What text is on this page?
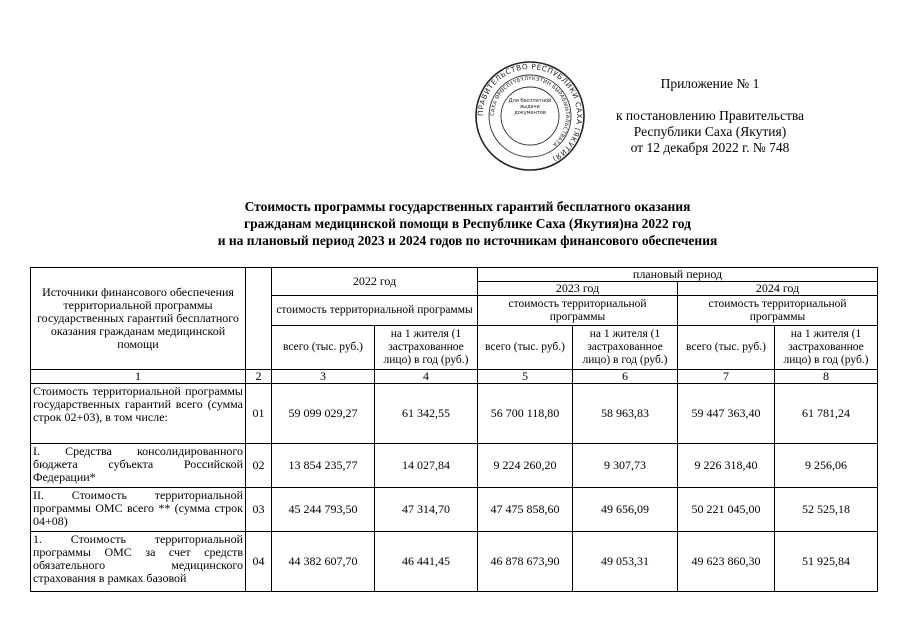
ПРАВИТЕЛЬСТВО РЕСПУБЛИКИ САХА (ЯКУТИЯ)
САХА ӨРӨСПҮҮБҮЛҮКЭТИН БЫРАБЫЫТАЛЬСТВАТА
Для бесплатной выдачи документов
Приложение № 1
к постановлению Правительства
Республики Саха (Якутия)
от 12 декабря 2022 г. № 748
Стоимость программы государственных гарантий бесплатного оказания
гражданам медицинской помощи в Республике Саха (Якутия)на 2022 год
и на плановый период 2023 и 2024 годов по источникам финансового обеспечения
Источники финансового обеспечения территориальной программы государственных гарантий бесплатного оказания гражданам медицинской помощи		2022 год		плановый период			
				2023 год		2024 год	
		стоимость территориальной программы		стоимость территориальной программы		стоимость территориальной программы	
		всего (тыс. руб.)	на 1 жителя (1 застрахованное лицо) в год (руб.)	всего (тыс. руб.)	на 1 жителя (1 застрахованное лицо) в год (руб.)	всего (тыс. руб.)	на 1 жителя (1 застрахованное лицо) в год (руб.)
1	2	3	4	5	6	7	8
Стоимость территориальной программы государственных гарантий всего (сумма строк 02+03), в том числе:	01	59 099 029,27	61 342,55	56 700 118,80	58 963,83	59 447 363,40	61 781,24
I. Средства консолидированного бюджета субъекта Российской Федерации*	02	13 854 235,77	14 027,84	9 224 260,20	9 307,73	9 226 318,40	9 256,06
II. Стоимость территориальной программы ОМС всего ** (сумма строк 04+08)	03	45 244 793,50	47 314,70	47 475 858,60	49 656,09	50 221 045,00	52 525,18
1. Стоимость территориальной программы ОМС за счет средств обязательного медицинского страхования в рамках базовой	04	44 382 607,70	46 441,45	46 878 673,90	49 053,31	49 623 860,30	51 925,84
